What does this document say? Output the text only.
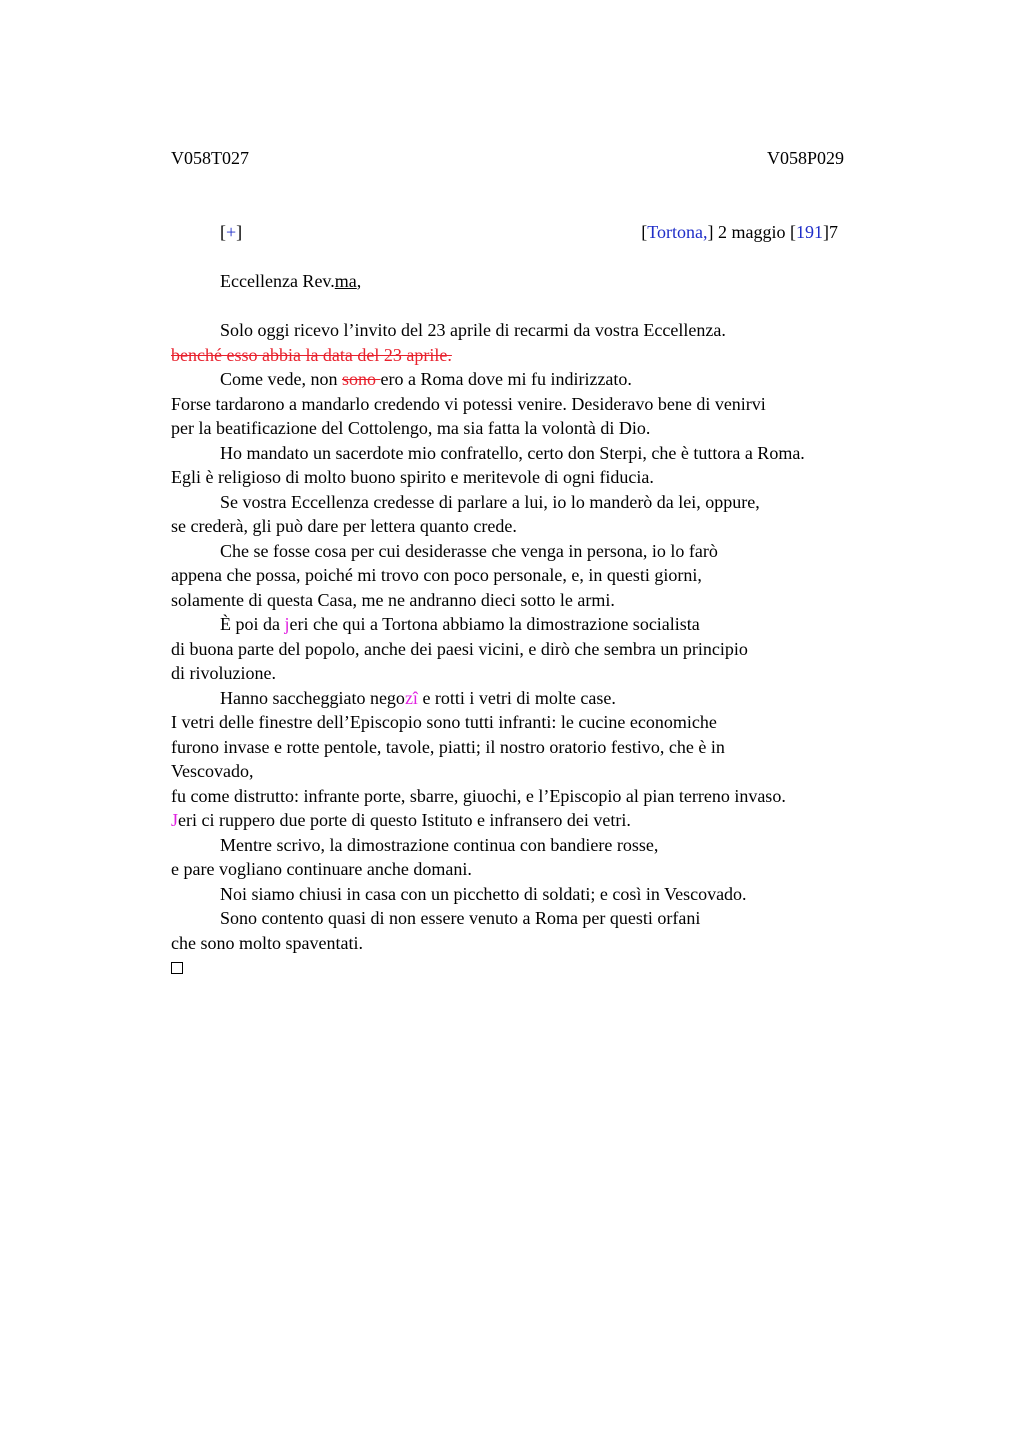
V058T027	V058P029
[+]	[Tortona,] 2 maggio [191]7
Eccellenza Rev.ma,
Solo oggi ricevo l’invito del 23 aprile di recarmi da vostra Eccellenza.
benché esso abbia la data del 23 aprile.
Come vede, non sono ero a Roma dove mi fu indirizzato.
Forse tardarono a mandarlo credendo vi potessi venire. Desideravo bene di venirvi
per la beatificazione del Cottolengo, ma sia fatta la volontà di Dio.
Ho mandato un sacerdote mio confratello, certo don Sterpi, che è tuttora a Roma.
Egli è religioso di molto buono spirito e meritevole di ogni fiducia.
Se vostra Eccellenza credesse di parlare a lui, io lo manderò da lei, oppure,
se crederà, gli può dare per lettera quanto crede.
Che se fosse cosa per cui desiderasse che venga in persona, io lo farò
appena che possa, poiché mi trovo con poco personale, e, in questi giorni,
solamente di questa Casa, me ne andranno dieci sotto le armi.
È poi da jeri che qui a Tortona abbiamo la dimostrazione socialista
di buona parte del popolo, anche dei paesi vicini, e dirò che sembra un principio
di rivoluzione.
Hanno saccheggiato negozî e rotti i vetri di molte case.
I vetri delle finestre dell’Episcopio sono tutti infranti: le cucine economiche
furono invase e rotte pentole, tavole, piatti; il nostro oratorio festivo, che è in
Vescovado,
fu come distrutto: infrante porte, sbarre, giuochi, e l’Episcopio al pian terreno invaso.
Jeri ci ruppero due porte di questo Istituto e infransero dei vetri.
Mentre scrivo, la dimostrazione continua con bandiere rosse,
e pare vogliano continuare anche domani.
Noi siamo chiusi in casa con un picchetto di soldati; e così in Vescovado.
Sono contento quasi di non essere venuto a Roma per questi orfani
che sono molto spaventati.
